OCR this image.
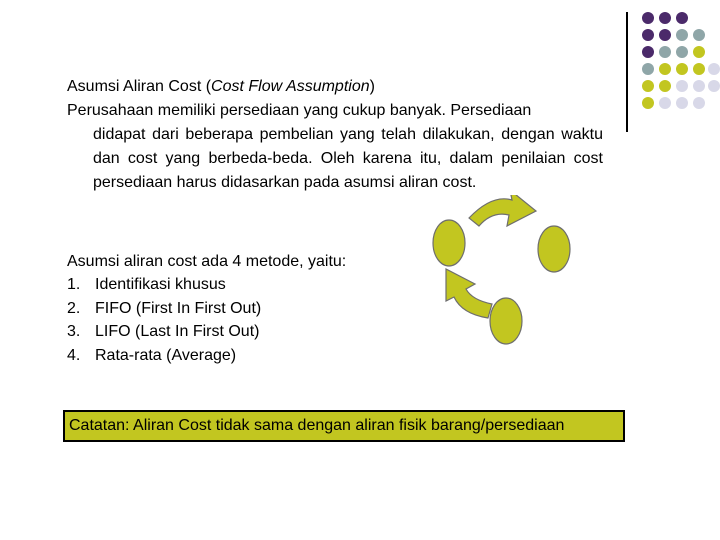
Asumsi Aliran Cost (Cost Flow Assumption)
Perusahaan memiliki persediaan yang cukup banyak. Persediaan
didapat dari beberapa pembelian yang telah dilakukan, dengan waktu dan cost yang berbeda-beda. Oleh karena itu, dalam penilaian cost persediaan harus didasarkan pada asumsi aliran cost.
Asumsi aliran cost ada 4 metode, yaitu:
1. Identifikasi khusus
2. FIFO (First In First Out)
3. LIFO (Last In First Out)
4. Rata-rata (Average)
Catatan: Aliran Cost tidak sama dengan aliran fisik barang/persediaan
